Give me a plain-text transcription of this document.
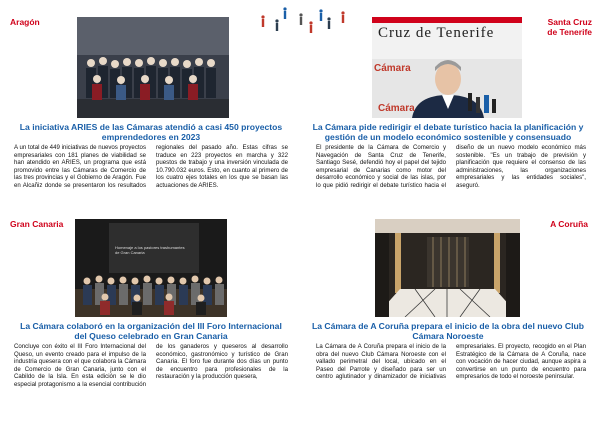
Aragón
La iniciativa ARIES de las Cámaras atendió a casi 450 proyectos emprendedores en 2023
A un total de 449 iniciativas de nuevos proyectos empresariales con 181 planes de viabilidad se han atendido en ARIES, un programa que está promovido entre las Cámaras de Comercio de las tres provincias y el Gobierno de Aragón. Fue en Alcañiz donde se presentaron los resultados regionales del pasado año. Estas cifras se traduce en 223 proyectos en marcha y 322 puestos de trabajo y una inversión vinculada de 10.790.032 euros. Esto, en cuanto al primero de los cuatro ejes totales en los que se basan las actuaciones de ARIES.
Cruz de Tenerife
Cámara
Cámara
Santa Cruz
de Tenerife
La Cámara pide redirigir el debate turístico hacia la planificación y gestión de un modelo económico sostenible y consensuado
El presidente de la Cámara de Comercio y Navegación de Santa Cruz de Tenerife, Santiago Sesé, defendió hoy el papel del tejido empresarial de Canarias como motor del desarrollo económico y social de las islas, por lo que pidió redirigir el debate turístico hacia el diseño de un nuevo modelo económico más sostenible. "Es un trabajo de previsión y planificación que requiere el consenso de las administraciones, las organizaciones empresariales y las entidades sociales", aseguró.
Gran Canaria
Homenaje a los pastores trashumantes de Gran Canaria
La Cámara colaboró en la organización del III Foro Internacional del Queso celebrado en Gran Canaria
Concluye con éxito el III Foro Internacional del Queso, un evento creado para el impulso de la industria quesera con el que colabora la Cámara de Comercio de Gran Canaria, junto con el Cabildo de la Isla. En esta edición se le dio especial protagonismo a la esencial contribución de los ganaderos y queseros al desarrollo económico, gastronómico y turístico de Gran Canaria. El foro fue durante dos días un punto de encuentro para profesionales de la restauración y la producción quesera,
A Coruña
La Cámara de A Coruña prepara el inicio de la obra del nuevo Club Cámara Noroeste
La Cámara de A Coruña prepara el inicio de la obra del nuevo Club Cámara Noroeste con el vallado perimetral del local, ubicado en el Paseo del Parrote y diseñado para ser un centro aglutinador y dinamizador de iniciativas empresariales. El proyecto, recogido en el Plan Estratégico de la Cámara de A Coruña, nace con vocación de hacer ciudad, aunque aspira a convertirse en un punto de encuentro para empresarios de todo el noroeste peninsular.
